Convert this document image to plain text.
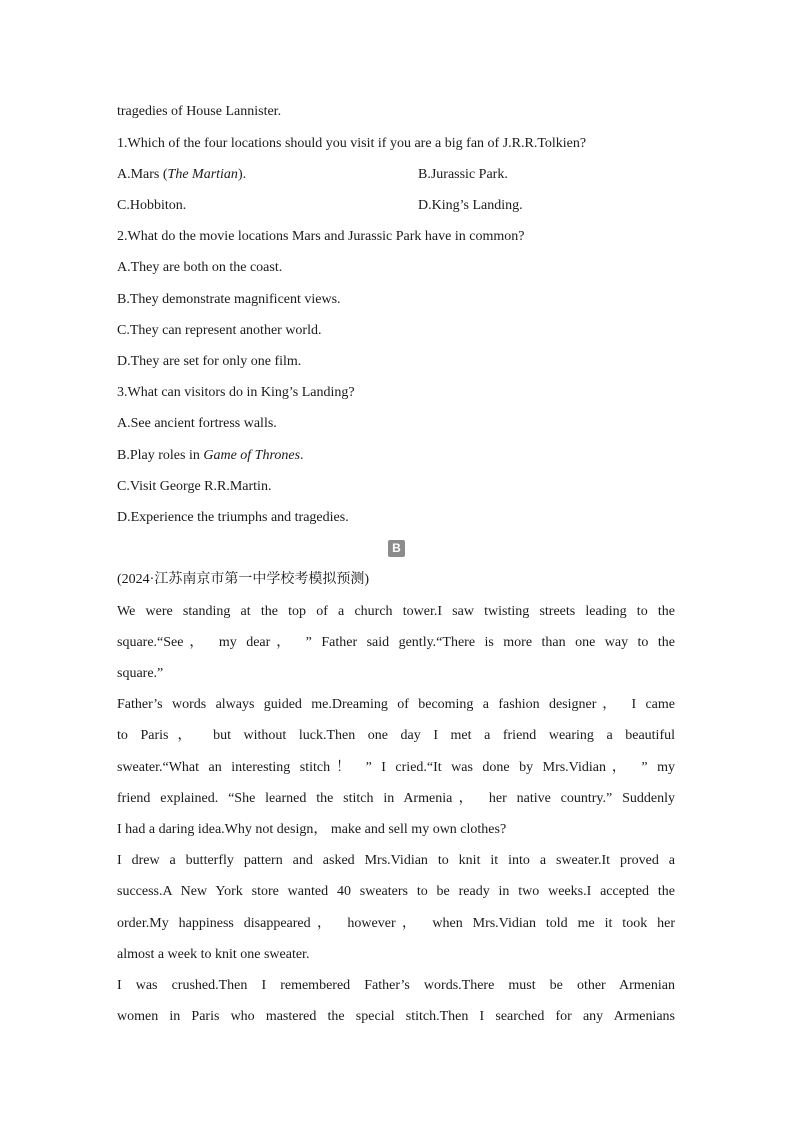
tragedies of House Lannister.
1.Which of the four locations should you visit if you are a big fan of J.R.R.Tolkien?
A.Mars (The Martian).	B.Jurassic Park.
C.Hobbiton.	D.King’s Landing.
2.What do the movie locations Mars and Jurassic Park have in common?
A.They are both on the coast.
B.They demonstrate magnificent views.
C.They can represent another world.
D.They are set for only one film.
3.What can visitors do in King’s Landing?
A.See ancient fortress walls.
B.Play roles in Game of Thrones.
C.Visit George R.R.Martin.
D.Experience the triumphs and tragedies.
B
(2024·江苏南京市第一中学校考模拟预测)
We were standing at the top of a church tower.I saw twisting streets leading to the
square.“See， my dear， ” Father said gently.“There is more than one way to the
square.”
Father’s words always guided me.Dreaming of becoming a fashion designer， I came
to Paris， but without luck.Then one day I met a friend wearing a beautiful
sweater.“What an interesting stitch！ ” I cried.“It was done by Mrs.Vidian， ” my
friend explained. “She learned the stitch in Armenia， her native country.” Suddenly
I had a daring idea.Why not design， make and sell my own clothes?
I drew a butterfly pattern and asked Mrs.Vidian to knit it into a sweater.It proved a
success.A New York store wanted 40 sweaters to be ready in two weeks.I accepted the
order.My happiness disappeared， however， when Mrs.Vidian told me it took her
almost a week to knit one sweater.
I was crushed.Then I remembered Father’s words.There must be other Armenian
women in Paris who mastered the special stitch.Then I searched for any Armenians
